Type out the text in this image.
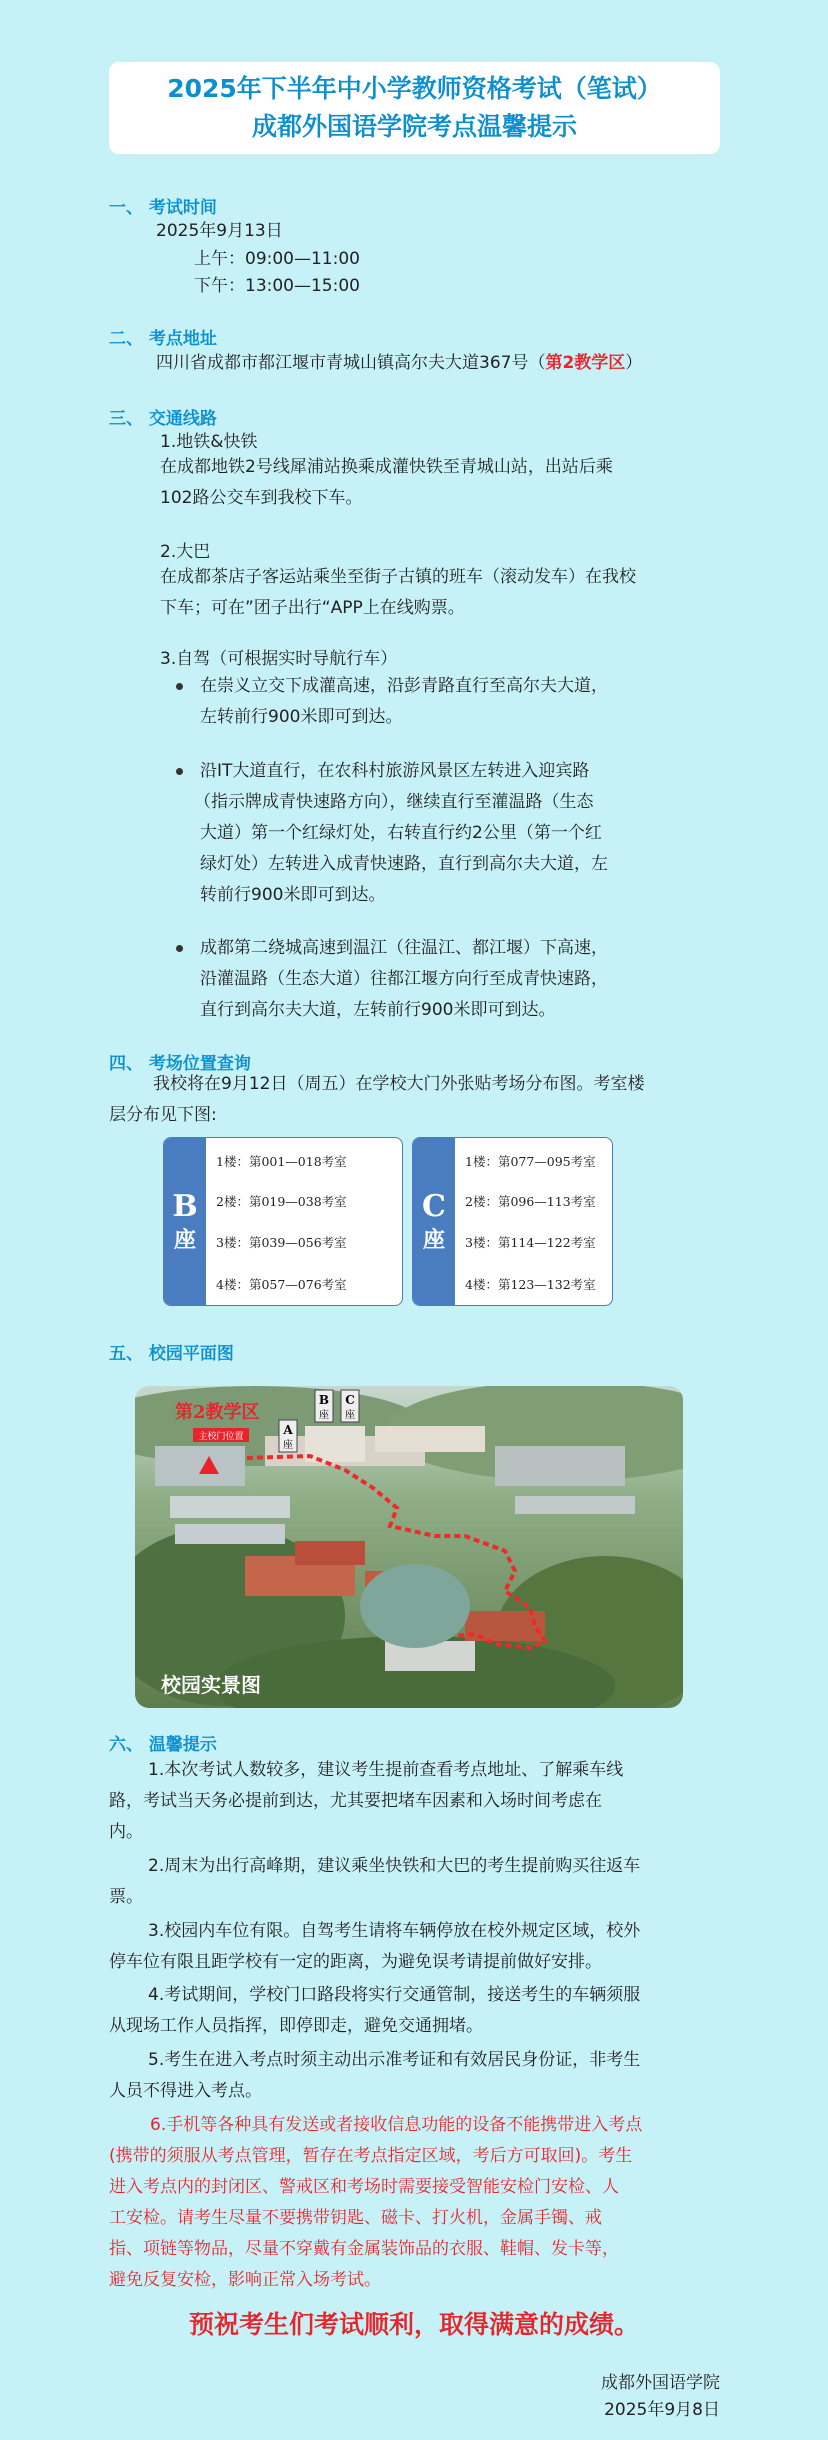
2025年下半年中小学教师资格考试（笔试）
成都外国语学院考点温馨提示
一、 考试时间
2025年9月13日
上午：09:00—11:00
下午：13:00—15:00
二、 考点地址
四川省成都市都江堰市青城山镇高尔夫大道367号（第2教学区）
三、 交通线路
1.地铁&快铁
在成都地铁2号线犀浦站换乘成灌快铁至青城山站，出站后乘
102路公交车到我校下车。
2.大巴
在成都茶店子客运站乘坐至街子古镇的班车（滚动发车）在我校
下车；可在”团子出行“APP上在线购票。
3.自驾（可根据实时导航行车）
在崇义立交下成灌高速，沿彭青路直行至高尔夫大道，
左转前行900米即可到达。
沿IT大道直行，在农科村旅游风景区左转进入迎宾路
（指示牌成青快速路方向），继续直行至灌温路（生态
大道）第一个红绿灯处，右转直行约2公里（第一个红
绿灯处）左转进入成青快速路，直行到高尔夫大道，左
转前行900米即可到达。
成都第二绕城高速到温江（往温江、都江堰）下高速，
沿灌温路（生态大道）往都江堰方向行至成青快速路，
直行到高尔夫大道，左转前行900米即可到达。
四、 考场位置查询
我校将在9月12日（周五）在学校大门外张贴考场分布图。考室楼
层分布见下图:
B
座
1楼：第001—018考室
2楼：第019—038考室
3楼：第039—056考室
4楼：第057—076考室
C
座
1楼：第077—095考室
2楼：第096—113考室
3楼：第114—122考室
4楼：第123—132考室
五、 校园平面图
主校门位置
第2教学区
A
座
B
座
C
座
校园实景图
六、 温馨提示
1.本次考试人数较多，建议考生提前查看考点地址、了解乘车线
路，考试当天务必提前到达，尤其要把堵车因素和入场时间考虑在
内。
2.周末为出行高峰期，建议乘坐快铁和大巴的考生提前购买往返车
票。
3.校园内车位有限。自驾考生请将车辆停放在校外规定区域，校外
停车位有限且距学校有一定的距离，为避免误考请提前做好安排。
4.考试期间，学校门口路段将实行交通管制，接送考生的车辆须服
从现场工作人员指挥，即停即走，避免交通拥堵。
5.考生在进入考点时须主动出示准考证和有效居民身份证，非考生
人员不得进入考点。
6.手机等各种具有发送或者接收信息功能的设备不能携带进入考点
(携带的须服从考点管理，暂存在考点指定区域，考后方可取回)。考生
进入考点内的封闭区、警戒区和考场时需要接受智能安检门安检、人
工安检。请考生尽量不要携带钥匙、磁卡、打火机，金属手镯、戒
指、项链等物品，尽量不穿戴有金属装饰品的衣服、鞋帽、发卡等，
避免反复安检，影响正常入场考试。
预祝考生们考试顺利，取得满意的成绩。
成都外国语学院
2025年9月8日
